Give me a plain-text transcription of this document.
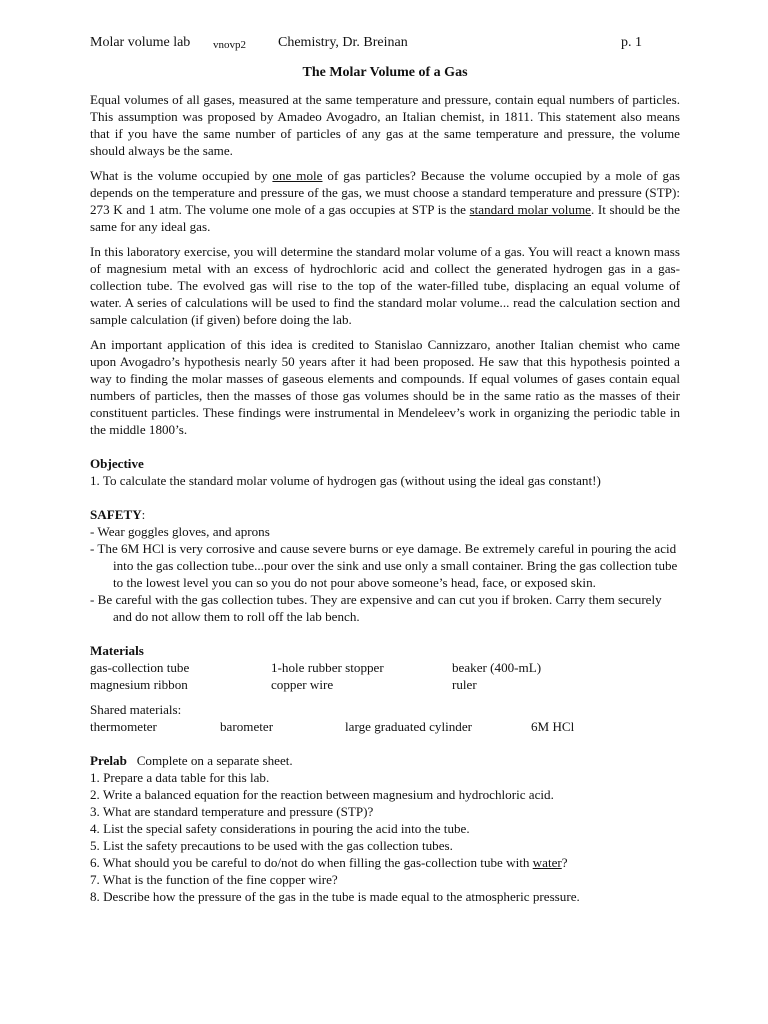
Molar volume lab vnovp2 Chemistry, Dr. Breinan	p. 1
The Molar Volume of a Gas

Equal volumes of all gases, measured at the same temperature and pressure, contain equal numbers of particles. This assumption was proposed by Amadeo Avogadro, an Italian chemist, in 1811. This statement also means that if you have the same number of particles of any gas at the same temperature and pressure, the volume should always be the same.

What is the volume occupied by one mole of gas particles? Because the volume occupied by a mole of gas depends on the temperature and pressure of the gas, we must choose a standard temperature and pressure (STP): 273 K and 1 atm. The volume one mole of a gas occupies at STP is the standard molar volume. It should be the same for any ideal gas.

In this laboratory exercise, you will determine the standard molar volume of a gas. You will react a known mass of magnesium metal with an excess of hydrochloric acid and collect the generated hydrogen gas in a gas-collection tube. The evolved gas will rise to the top of the water-filled tube, displacing an equal volume of water. A series of calculations will be used to find the standard molar volume... read the calculation section and sample calculation (if given) before doing the lab.

An important application of this idea is credited to Stanislao Cannizzaro, another Italian chemist who came upon Avogadro’s hypothesis nearly 50 years after it had been proposed. He saw that this hypothesis pointed a way to finding the molar masses of gaseous elements and compounds. If equal volumes of gases contain equal numbers of particles, then the masses of those gas volumes should be in the same ratio as the masses of their constituent particles. These findings were instrumental in Mendeleev’s work in organizing the periodic table in the middle 1800’s.

Objective
1. To calculate the standard molar volume of hydrogen gas (without using the ideal gas constant!)
SAFETY:
- Wear goggles gloves, and aprons
- The 6M HCl is very corrosive and cause severe burns or eye damage. Be extremely careful in pouring the acid into the gas collection tube...pour over the sink and use only a small container. Bring the gas collection tube to the lowest level you can so you do not pour above someone’s head, face, or exposed skin.
- Be careful with the gas collection tubes. They are expensive and can cut you if broken. Carry them securely and do not allow them to roll off the lab bench.
Materials
gas-collection tube	1-hole rubber stopper	beaker (400-mL)
magnesium ribbon	copper wire	ruler
Shared materials:
thermometer	barometer	large graduated cylinder	6M HCl
Prelab Complete on a separate sheet.
1. Prepare a data table for this lab.
2. Write a balanced equation for the reaction between magnesium and hydrochloric acid.
3. What are standard temperature and pressure (STP)?
4. List the special safety considerations in pouring the acid into the tube.
5. List the safety precautions to be used with the gas collection tubes.
6. What should you be careful to do/not do when filling the gas-collection tube with water?
7. What is the function of the fine copper wire?
8. Describe how the pressure of the gas in the tube is made equal to the atmospheric pressure.
